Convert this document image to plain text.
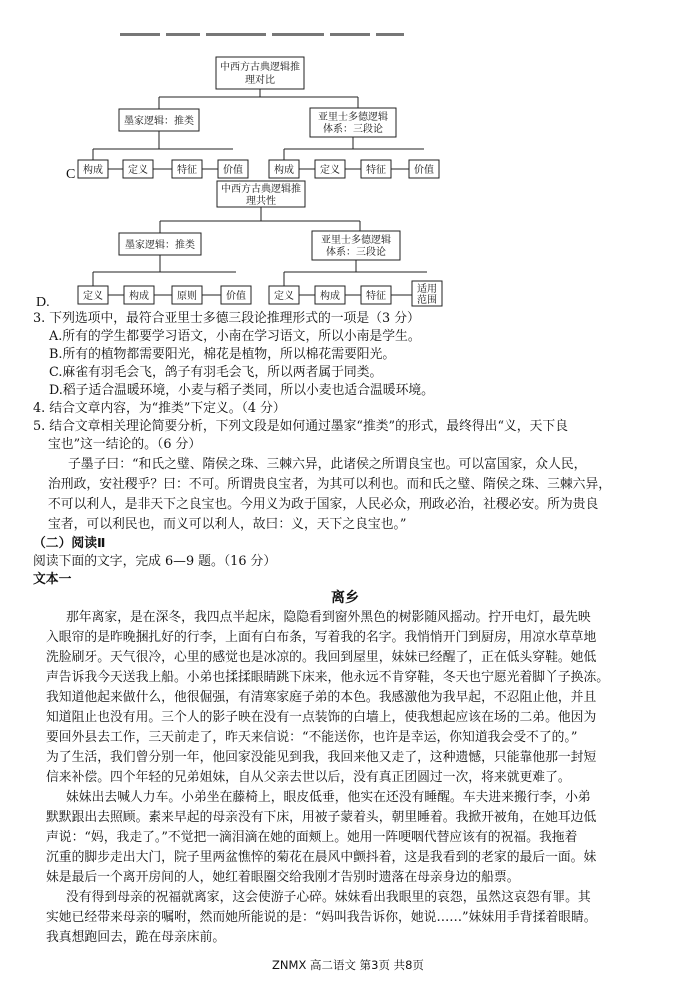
中西方古典逻辑推
理对比
墨家逻辑：推类	亚里士多德逻辑
体系：三段论
构成	定义	特征	价值	构成	定义	特征	价值
C
中西方古典逻辑推
理共性
墨家逻辑：推类	亚里士多德逻辑
体系：三段论
定义	构成	原则	价值	定义	构成	特征
适用
范围
D.
3. 下列选项中，最符合亚里士多德三段论推理形式的一项是（3 分）
A.所有的学生都要学习语文，小南在学习语文，所以小南是学生。
B.所有的植物都需要阳光，棉花是植物，所以棉花需要阳光。
C.麻雀有羽毛会飞，鸽子有羽毛会飞，所以两者属于同类。
D.稻子适合温暖环境，小麦与稻子类同，所以小麦也适合温暖环境。
4. 结合文章内容，为“推类”下定义。（4 分）
5. 结合文章相关理论简要分析，下列文段是如何通过墨家“推类”的形式，最终得出“义，天下良
宝也”这一结论的。（6 分）
子墨子曰：“和氏之璧、隋侯之珠、三棘六异，此诸侯之所谓良宝也。可以富国家，众人民，
治刑政，安社稷乎？曰：不可。所谓贵良宝者，为其可以利也。而和氏之璧、隋侯之珠、三棘六异，
不可以利人，是非天下之良宝也。今用义为政于国家，人民必众，刑政必治，社稷必安。所为贵良
宝者，可以利民也，而义可以利人，故曰：义，天下之良宝也。”
（二）阅读Ⅱ
阅读下面的文字，完成 6—9 题。（16 分）
文本一
离乡
那年离家，是在深冬，我四点半起床，隐隐看到窗外黑色的树影随风摇动。拧开电灯，最先映
入眼帘的是昨晚捆扎好的行李，上面有白布条，写着我的名字。我悄悄开门到厨房，用凉水草草地
洗脸刷牙。天气很冷，心里的感觉也是冰凉的。我回到屋里，妹妹已经醒了，正在低头穿鞋。她低
声告诉我今天送我上船。小弟也揉揉眼睛跳下床来，他永远不肯穿鞋，冬天也宁愿光着脚丫子换冻。
我知道他起来做什么，他很倔强，有清寒家庭子弟的本色。我感激他为我早起，不忍阻止他，并且
知道阻止也没有用。三个人的影子映在没有一点装饰的白墙上，使我想起应该在场的二弟。他因为
要回外县去工作，三天前走了，昨天来信说：“不能送你，也许是幸运，你知道我会受不了的。”
为了生活，我们曾分别一年，他回家没能见到我，我回来他又走了，这种遗憾，只能靠他那一封短
信来补偿。四个年轻的兄弟姐妹，自从父亲去世以后，没有真正团圆过一次，将来就更难了。
妹妹出去喊人力车。小弟坐在藤椅上，眼皮低垂，他实在还没有睡醒。车夫进来搬行李，小弟
默默跟出去照顾。素来早起的母亲没有下床，用被子蒙着头，朝里睡着。我掀开被角，在她耳边低
声说：“妈，我走了。”不觉把一滴泪滴在她的面颊上。她用一阵哽咽代替应该有的祝福。我拖着
沉重的脚步走出大门，院子里两盆憔悴的菊花在晨风中颤抖着，这是我看到的老家的最后一面。妹
妹是最后一个离开房间的人，她红着眼圈交给我刚才告别时遗落在母亲身边的船票。
没有得到母亲的祝福就离家，这会使游子心碎。妹妹看出我眼里的哀怨，虽然这哀怨有罪。其
实她已经带来母亲的嘱咐，然而她所能说的是：“妈叫我告诉你，她说……”妹妹用手背揉着眼睛。
我真想跑回去，跪在母亲床前。
ZNMX 高二语文 第3页 共8页
